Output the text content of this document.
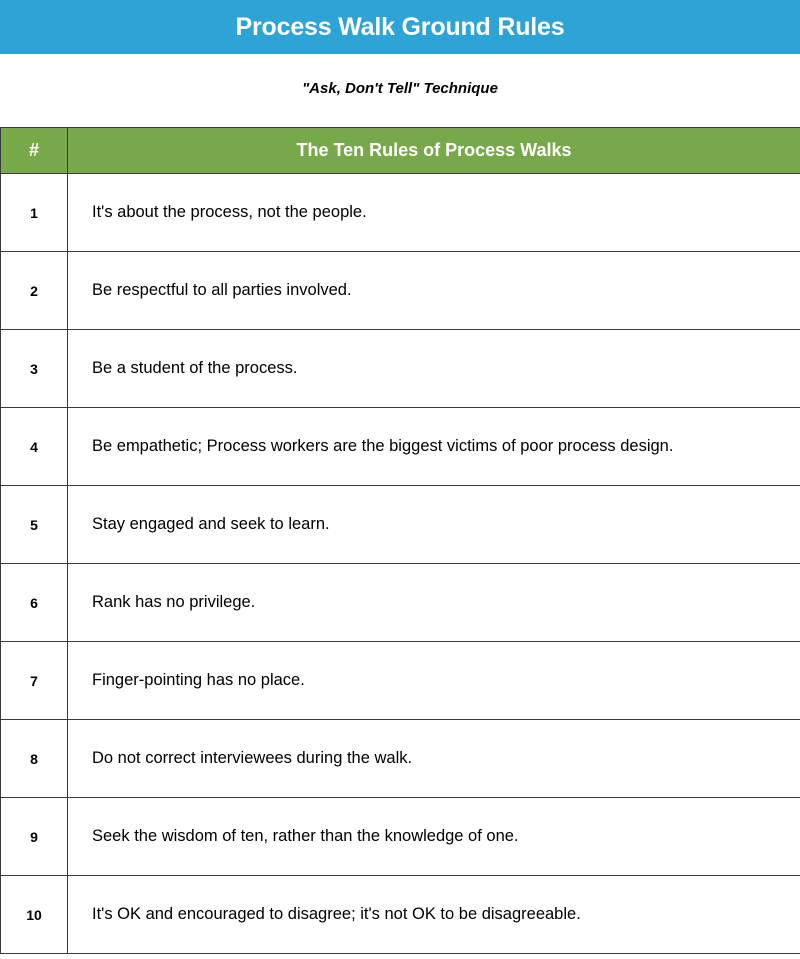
Process Walk Ground Rules
"Ask, Don't Tell" Technique
#	The Ten Rules of Process Walks
1	It's about the process, not the people.
2	Be respectful to all parties involved.
3	Be a student of the process.
4	Be empathetic; Process workers are the biggest victims of poor process design.
5	Stay engaged and seek to learn.
6	Rank has no privilege.
7	Finger-pointing has no place.
8	Do not correct interviewees during the walk.
9	Seek the wisdom of ten, rather than the knowledge of one.
10	It's OK and encouraged to disagree; it's not OK to be disagreeable.
